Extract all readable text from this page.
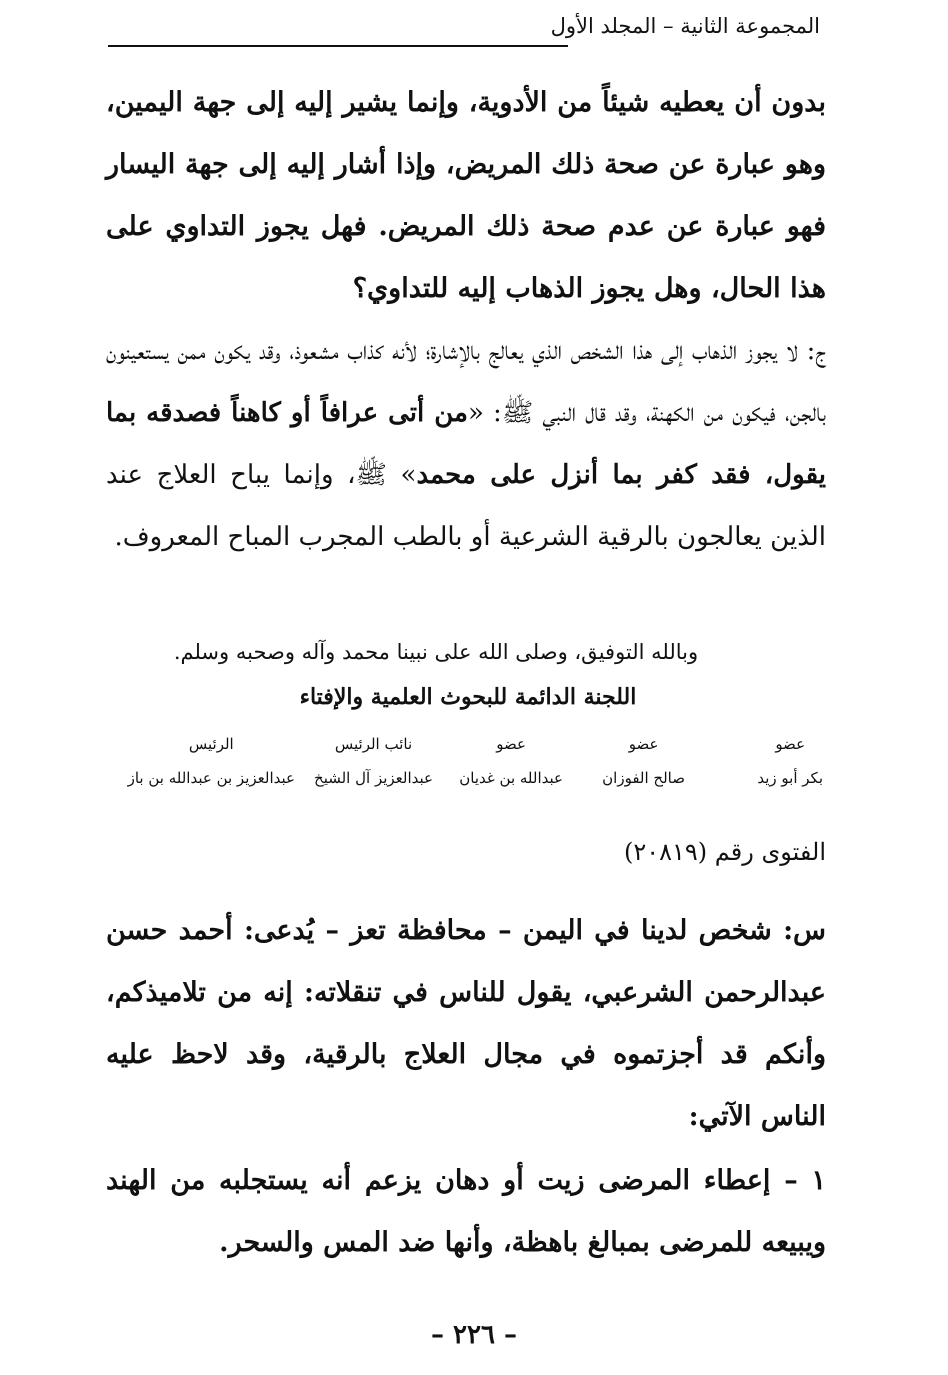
المجموعة الثانية – المجلد الأول
بدون أن يعطيه شيئاً من الأدوية، وإنما يشير إليه إلى جهة اليمين، وهو عبارة عن صحة ذلك المريض، وإذا أشار إليه إلى جهة اليسار فهو عبارة عن عدم صحة ذلك المريض. فهل يجوز التداوي على هذا الحال، وهل يجوز الذهاب إليه للتداوي؟
ج: لا يجوز الذهاب إلى هذا الشخص الذي يعالج بالإشارة؛ لأنه كذاب مشعوذ، وقد يكون ممن يستعينون بالجن، فيكون من الكهنة، وقد قال النبي ﷺ: «من أتى عرافاً أو كاهناً فصدقه بما يقول، فقد كفر بما أنزل على محمد» ﷺ، وإنما يباح العلاج عند الذين يعالجون بالرقية الشرعية أو بالطب المجرب المباح المعروف.
وبالله التوفيق، وصلى الله على نبينا محمد وآله وصحبه وسلم.
اللجنة الدائمة للبحوث العلمية والإفتاء
عضو
بكر أبو زيد
عضو
صالح الفوزان
عضو
عبدالله بن غديان
نائب الرئيس
عبدالعزيز آل الشيخ
الرئيس
عبدالعزيز بن عبدالله بن باز
الفتوى رقم (٢٠٨١٩)
س: شخص لدينا في اليمن – محافظة تعز – يُدعى: أحمد حسن عبدالرحمن الشرعبي، يقول للناس في تنقلاته: إنه من تلاميذكم، وأنكم قد أجزتموه في مجال العلاج بالرقية، وقد لاحظ عليه الناس الآتي:
١ – إعطاء المرضى زيت أو دهان يزعم أنه يستجلبه من الهند ويبيعه للمرضى بمبالغ باهظة، وأنها ضد المس والسحر.
– ٢٢٦ –
